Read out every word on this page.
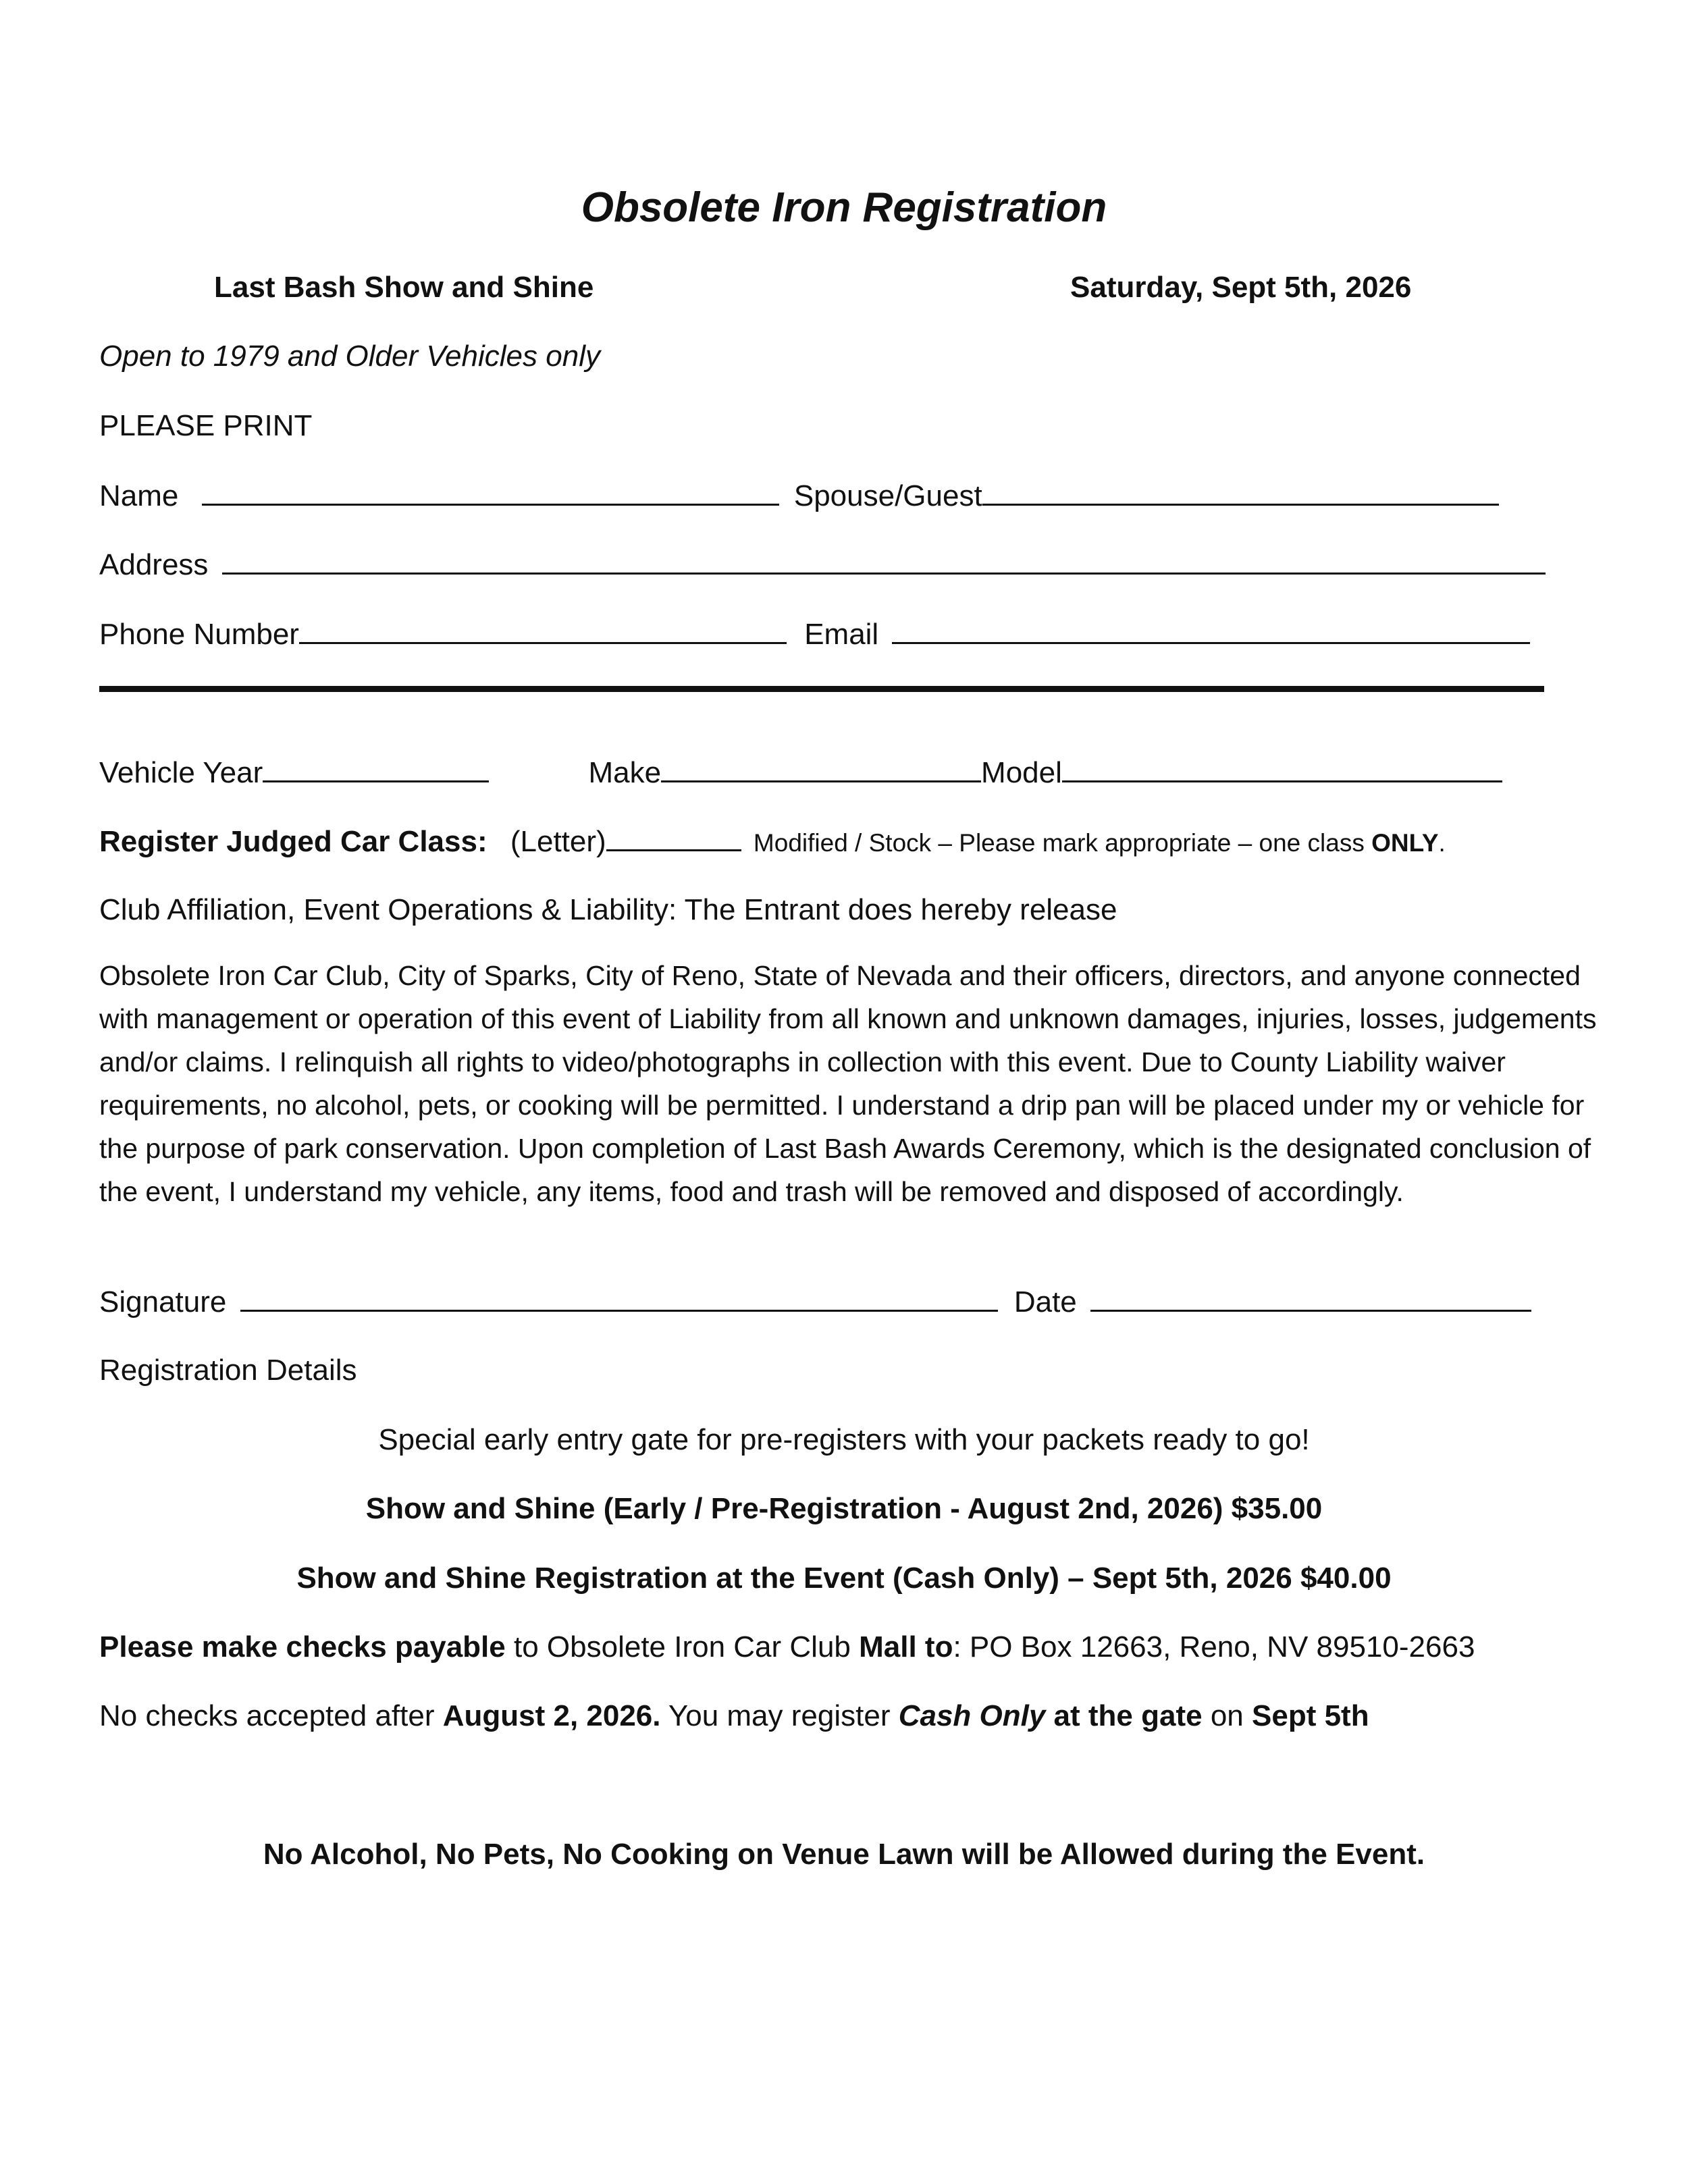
Obsolete Iron Registration
Last Bash Show and Shine	Saturday, Sept 5th, 2026
Open to 1979 and Older Vehicles only
PLEASE PRINT
Name	Spouse/Guest
Address
Phone Number	Email
Vehicle Year	Make	Model
Register Judged Car Class: (Letter)	Modified / Stock – Please mark appropriate – one class ONLY.
Club Affiliation, Event Operations & Liability: The Entrant does hereby release
Obsolete Iron Car Club, City of Sparks, City of Reno, State of Nevada and their officers, directors, and anyone connected with management or operation of this event of Liability from all known and unknown damages, injuries, losses, judgements and/or claims. I relinquish all rights to video/photographs in collection with this event. Due to County Liability waiver requirements, no alcohol, pets, or cooking will be permitted. I understand a drip pan will be placed under my or vehicle for the purpose of park conservation. Upon completion of Last Bash Awards Ceremony, which is the designated conclusion of the event, I understand my vehicle, any items, food and trash will be removed and disposed of accordingly.
Signature	Date
Registration Details
Special early entry gate for pre-registers with your packets ready to go!
Show and Shine (Early / Pre-Registration - August 2nd, 2026) $35.00
Show and Shine Registration at the Event (Cash Only) – Sept 5th, 2026 $40.00
Please make checks payable to Obsolete Iron Car Club Mall to: PO Box 12663, Reno, NV 89510-2663
No checks accepted after August 2, 2026. You may register Cash Only at the gate on Sept 5th
No Alcohol, No Pets, No Cooking on Venue Lawn will be Allowed during the Event.
